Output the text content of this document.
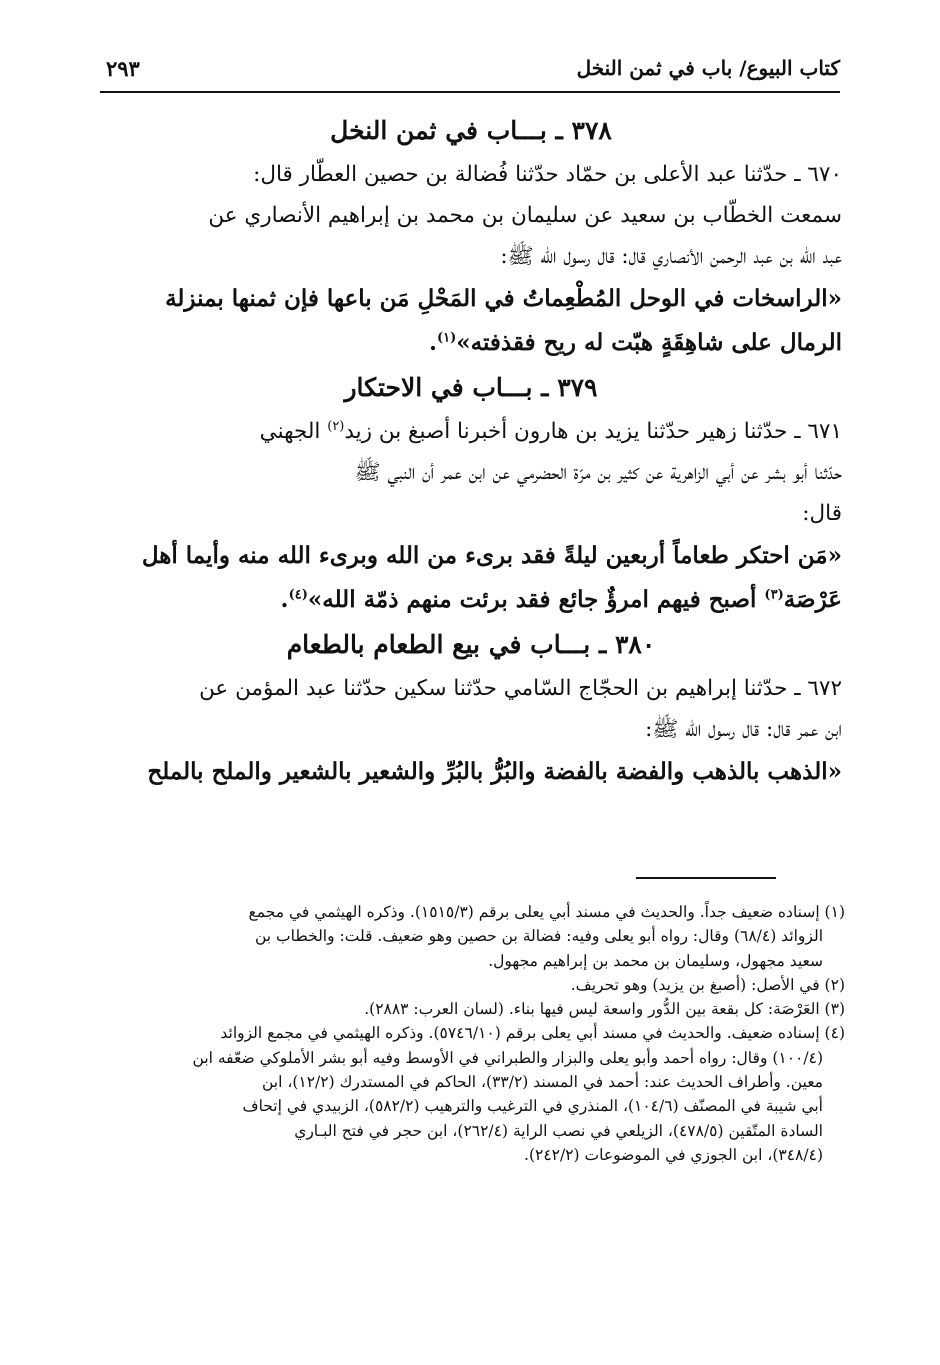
كتاب البيوع/ باب في ثمن النخل
٢٩٣
٣٧٨ ـ بـــاب في ثمن النخل

٦٧٠ ـ حدّثنا عبد الأعلى بن حمّاد حدّثنا فُضالة بن حصين العطّار قال:
سمعت الخطّاب بن سعيد عن سليمان بن محمد بن إبراهيم الأنصاري عن
عبد الله بن عبد الرحمن الأنصاري قال: قال رسول الله ﷺ:

«الراسخات في الوحل المُطْعِماتُ في المَحْلِ مَن باعها فإن ثمنها بمنزلة
الرمال على شاهِقَةٍ هبّت له ريح فقذفته»$^{(١)}$.

٣٧٩ ـ بـــاب في الاحتكار

٦٧١ ـ حدّثنا زهير حدّثنا يزيد بن هارون أخبرنا أصبغ بن زيد$^{(٢)}$ الجهني
حدّثنا أبو بشر عن أبي الزاهرية عن كثير بن مرّة الحضرمي عن ابن عمر أن النبي ﷺ
قال:

«مَن احتكر طعاماً أربعين ليلةً فقد برىء من الله وبرىء الله منه وأيما أهل
عَرْصَة$^{(٣)}$ أصبح فيهم امرؤٌ جائع فقد برئت منهم ذمّة الله»$^{(٤)}$.

٣٨٠ ـ بـــاب في بيع الطعام بالطعام

٦٧٢ ـ حدّثنا إبراهيم بن الحجّاج السّامي حدّثنا سكين حدّثنا عبد المؤمن عن
ابن عمر قال: قال رسول الله ﷺ:

«الذهب بالذهب والفضة بالفضة والبُرُّ بالبُرِّ والشعير بالشعير والملح بالملح

(١) إسناده ضعيف جداً. والحديث في مسند أبي يعلى برقم (١٥١٥/٣). وذكره الهيثمي في مجمع
الزوائد (٦٨/٤) وقال: رواه أبو يعلى وفيه: فضالة بن حصين وهو ضعيف. قلت: والخطاب بن
سعيد مجهول، وسليمان بن محمد بن إبراهيم مجهول.

(٢) في الأصل: (أصبغ بن يزيد) وهو تحريف.

(٣) العَرْصَة: كل بقعة بين الدُّور واسعة ليس فيها بناء. (لسان العرب: ٢٨٨٣).

(٤) إسناده ضعيف. والحديث في مسند أبي يعلى برقم (٥٧٤٦/١٠). وذكره الهيثمي في مجمع الزوائد
(١٠٠/٤) وقال: رواه أحمد وأبو يعلى والبزار والطبراني في الأوسط وفيه أبو بشر الأملوكي ضعّفه ابن
معين. وأطراف الحديث عند: أحمد في المسند (٣٣/٢)، الحاكم في المستدرك (١٢/٢)، ابن
أبي شيبة في المصنّف (١٠٤/٦)، المنذري في الترغيب والترهيب (٥٨٢/٢)، الزبيدي في إتحاف
السادة المتّقين (٤٧٨/٥)، الزيلعي في نصب الراية (٢٦٢/٤)، ابن حجر في فتح البـاري
(٣٤٨/٤)، ابن الجوزي في الموضوعات (٢٤٢/٢).
